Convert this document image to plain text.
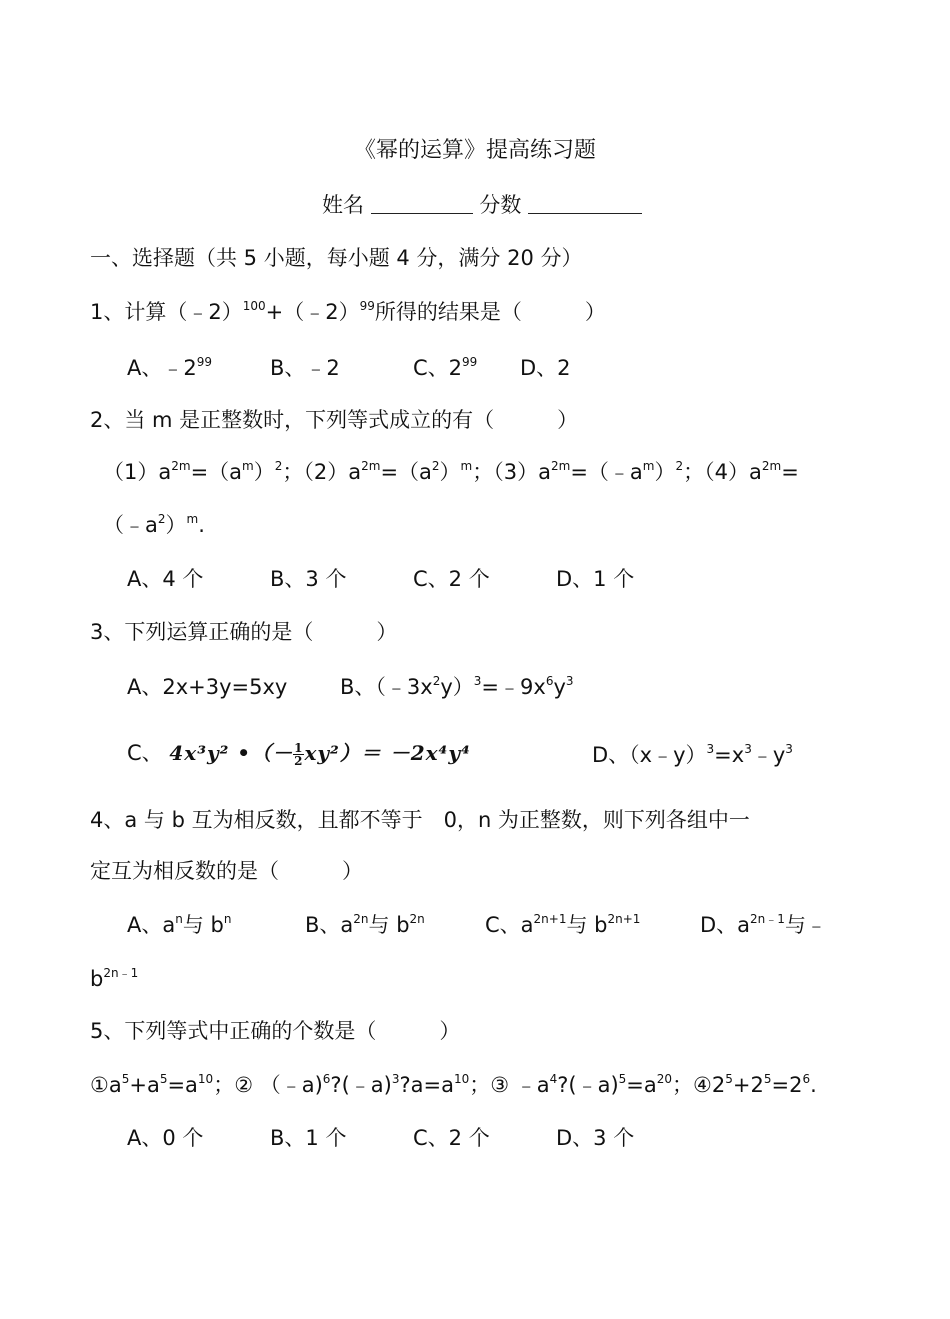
《幂的运算》提高练习题
姓名	分数
一、选择题（共 5 小题，每小题 4 分，满分 20 分）
1、计算（﹣2）$^{100}$+（﹣2）$^{99}$所得的结果是（　　　）
A、$﹣2^{99}$	B、﹣2	C、$2^{99}$ D、2
2、当 m 是正整数时，下列等式成立的有（　　　）
$(1)a^{2m}=(a^m)^2$；$(2)a^{2m}=(a^2)^m$；$(3)a^{2m}=(﹣a^m)^2$；$(4)a^{2m}=$
$(﹣a^2)^m$.
A、4 个	B、3 个	C、2 个	D、1 个
3、下列运算正确的是（　　　）
A、2x+3y=5xy	B、$(﹣3x^2y)^3=﹣9x^6y^3$
C、 4x³y² •（－ $\frac{1}{2} xy^2)= -2x^4y^4$	D、$(x﹣y)^3=x^3﹣y^3$
4、a 与 b 互为相反数，且都不等于　0，n 为正整数，则下列各组中一
定互为相反数的是（　　　）
A、$a^n$与 $b^n$	B、$a^{2n}$与 $b^{2n}$	C、$a^{2n+1}$与 $b^{2n+1}$	D、$a^{2n﹣1}$与﹣
$b^{2n﹣1}$
5、下列等式中正确的个数是（　　　）
$①a^5+a^5=a^{10}$；② $(﹣a)^6?(﹣a)^3?a=a^{10}$；③ $﹣a^4?(﹣a)^5=a^{20}$；$④2^5+2^5=2^6$.
A、0 个	B、1 个	C、2 个	D、3 个
